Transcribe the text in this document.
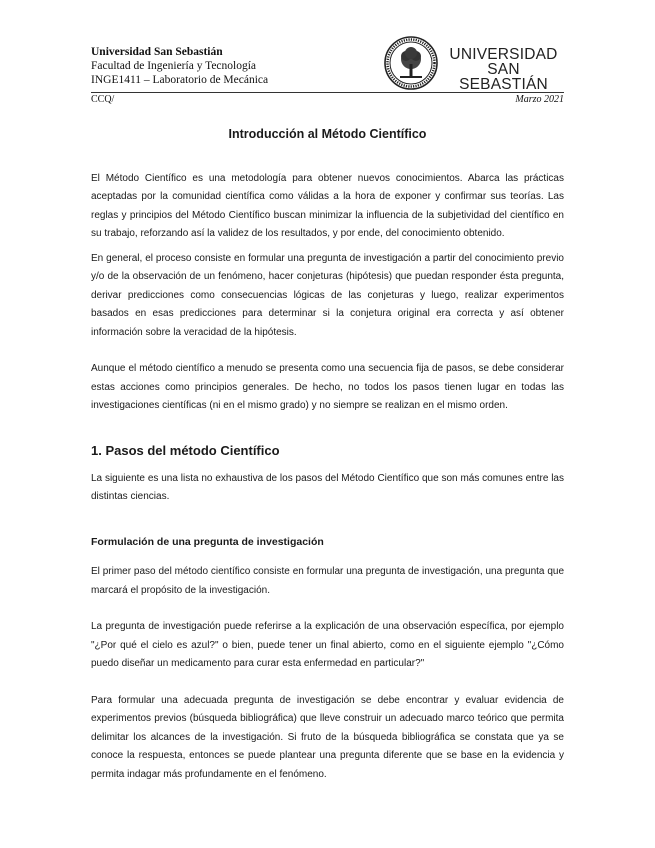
Universidad San Sebastián
Facultad de Ingeniería y Tecnología
INGE1411 – Laboratorio de Mecánica
UNIVERSIDAD
SAN SEBASTIÁN
CCQ/	Marzo 2021
Introducción al Método Científico

El Método Científico es una metodología para obtener nuevos conocimientos. Abarca las prácticas aceptadas por la comunidad científica como válidas a la hora de exponer y confirmar sus teorías. Las reglas y principios del Método Científico buscan minimizar la influencia de la subjetividad del científico en su trabajo, reforzando así la validez de los resultados, y por ende, del conocimiento obtenido.

En general, el proceso consiste en formular una pregunta de investigación a partir del conocimiento previo y/o de la observación de un fenómeno, hacer conjeturas (hipótesis) que puedan responder ésta pregunta, derivar predicciones como consecuencias lógicas de las conjeturas y luego, realizar experimentos basados en esas predicciones para determinar si la conjetura original era correcta y así obtener información sobre la veracidad de la hipótesis.

Aunque el método científico a menudo se presenta como una secuencia fija de pasos, se debe considerar estas acciones como principios generales. De hecho, no todos los pasos tienen lugar en todas las investigaciones científicas (ni en el mismo grado) y no siempre se realizan en el mismo orden.

1. Pasos del método Científico

La siguiente es una lista no exhaustiva de los pasos del Método Científico que son más comunes entre las distintas ciencias.

Formulación de una pregunta de investigación

El primer paso del método científico consiste en formular una pregunta de investigación, una pregunta que marcará el propósito de la investigación.

La pregunta de investigación puede referirse a la explicación de una observación específica, por ejemplo "¿Por qué el cielo es azul?" o bien, puede tener un final abierto, como en el siguiente ejemplo "¿Cómo puedo diseñar un medicamento para curar esta enfermedad en particular?"

Para formular una adecuada pregunta de investigación se debe encontrar y evaluar evidencia de experimentos previos (búsqueda bibliográfica) que lleve construir un adecuado marco teórico que permita delimitar los alcances de la investigación. Si fruto de la búsqueda bibliográfica se constata que ya se conoce la respuesta, entonces se puede plantear una pregunta diferente que se base en la evidencia y permita indagar más profundamente en el fenómeno.
